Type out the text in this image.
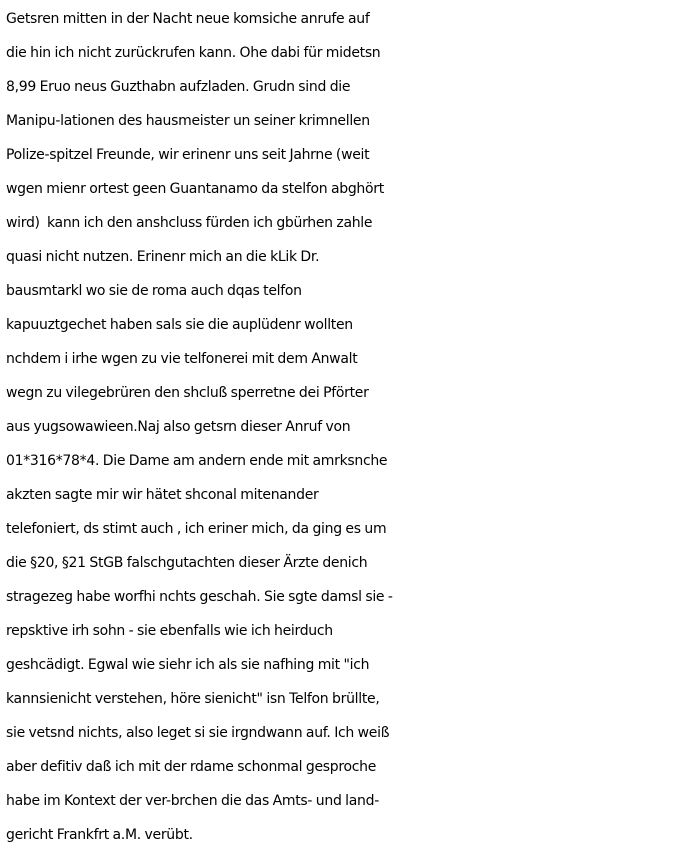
Getsren mitten in der Nacht neue komsiche anrufe auf
die hin ich nicht zurückrufen kann. Ohe dabi für midetsn
8,99 Eruo neus Guzthabn aufzladen. Grudn sind die
Manipu-lationen des hausmeister un seiner krimnellen
Polize-spitzel Freunde, wir erinenr uns seit Jahrne (weit
wgen mienr ortest geen Guantanamo da stelfon abghört
wird)  kann ich den anshcluss fürden ich gbürhen zahle
quasi nicht nutzen. Erinenr mich an die kLik Dr.
bausmtarkl wo sie de roma auch dqas telfon
kapuuztgechet haben sals sie die auplüdenr wollten
nchdem i irhe wgen zu vie telfonerei mit dem Anwalt
wegn zu vilegebrüren den shcluß sperretne dei Pförter
aus yugsowawieen.Naj also getsrn dieser Anruf von
01*316*78*4. Die Dame am andern ende mit amrksnche
akzten sagte mir wir hätet shconal mitenander
telefoniert, ds stimt auch , ich eriner mich, da ging es um
die §20, §21 StGB falschgutachten dieser Ärzte denich
stragezeg habe worfhi nchts geschah. Sie sgte damsl sie -
repsktive irh sohn - sie ebenfalls wie ich heirduch
geshcädigt. Egwal wie siehr ich als sie nafhing mit "ich
kannsienicht verstehen, höre sienicht" isn Telfon brüllte,
sie vetsnd nichts, also leget si sie irgndwann auf. Ich weiß
aber defitiv daß ich mit der rdame schonmal gesproche
habe im Kontext der ver-brchen die das Amts- und land-
gericht Frankfrt a.M. verübt.
